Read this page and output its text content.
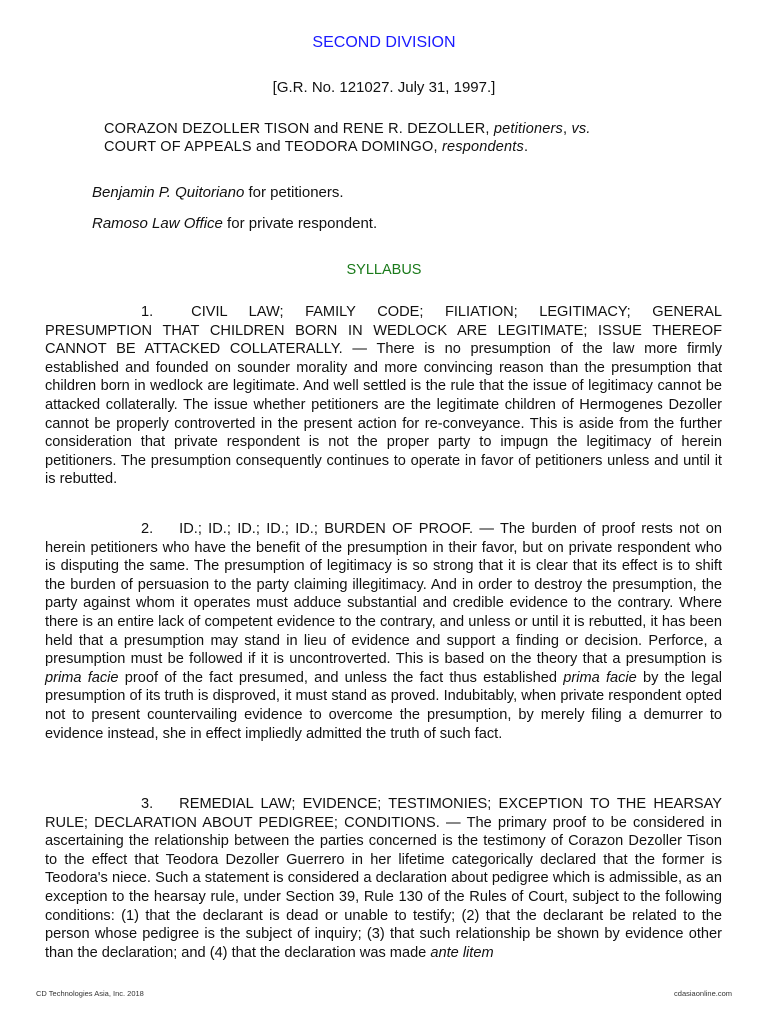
SECOND DIVISION
[G.R. No. 121027. July 31, 1997.]
CORAZON DEZOLLER TISON and RENE R. DEZOLLER, petitioners, vs.
COURT OF APPEALS and TEODORA DOMINGO, respondents.
Benjamin P. Quitoriano for petitioners.
Ramoso Law Office for private respondent.
SYLLABUS
1.	CIVIL LAW; FAMILY CODE; FILIATION; LEGITIMACY; GENERAL PRESUMPTION THAT CHILDREN BORN IN WEDLOCK ARE LEGITIMATE; ISSUE THEREOF CANNOT BE ATTACKED COLLATERALLY. — There is no presumption of the law more firmly established and founded on sounder morality and more convincing reason than the presumption that children born in wedlock are legitimate. And well settled is the rule that the issue of legitimacy cannot be attacked collaterally. The issue whether petitioners are the legitimate children of Hermogenes Dezoller cannot be properly controverted in the present action for re-conveyance. This is aside from the further consideration that private respondent is not the proper party to impugn the legitimacy of herein petitioners. The presumption consequently continues to operate in favor of petitioners unless and until it is rebutted.
2. ID.; ID.; ID.; ID.; ID.; BURDEN OF PROOF. — The burden of proof rests not on herein petitioners who have the benefit of the presumption in their favor, but on private respondent who is disputing the same. The presumption of legitimacy is so strong that it is clear that its effect is to shift the burden of persuasion to the party claiming illegitimacy. And in order to destroy the presumption, the party against whom it operates must adduce substantial and credible evidence to the contrary. Where there is an entire lack of competent evidence to the contrary, and unless or until it is rebutted, it has been held that a presumption may stand in lieu of evidence and support a finding or decision. Perforce, a presumption must be followed if it is uncontroverted. This is based on the theory that a presumption is prima facie proof of the fact presumed, and unless the fact thus established prima facie by the legal presumption of its truth is disproved, it must stand as proved. Indubitably, when private respondent opted not to present countervailing evidence to overcome the presumption, by merely filing a demurrer to evidence instead, she in effect impliedly admitted the truth of such fact.
3. REMEDIAL LAW; EVIDENCE; TESTIMONIES; EXCEPTION TO THE HEARSAY RULE; DECLARATION ABOUT PEDIGREE; CONDITIONS. — The primary proof to be considered in ascertaining the relationship between the parties concerned is the testimony of Corazon Dezoller Tison to the effect that Teodora Dezoller Guerrero in her lifetime categorically declared that the former is Teodora's niece. Such a statement is considered a declaration about pedigree which is admissible, as an exception to the hearsay rule, under Section 39, Rule 130 of the Rules of Court, subject to the following conditions: (1) that the declarant is dead or unable to testify; (2) that the declarant be related to the person whose pedigree is the subject of inquiry; (3) that such relationship be shown by evidence other than the declaration; and (4) that the declaration was made ante litem
CD Technologies Asia, Inc. 2018	cdasiaonline.com
